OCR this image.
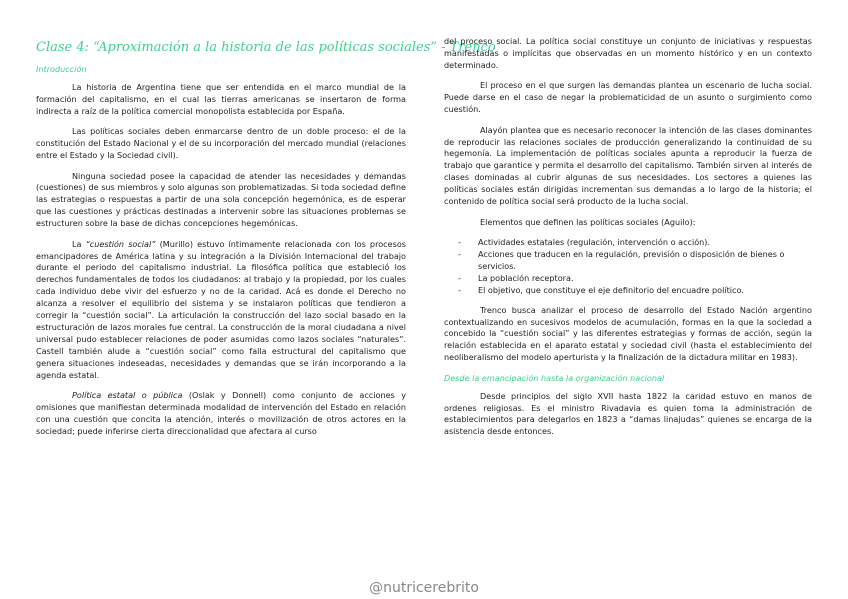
Clase 4: “Aproximación a la historia de las políticas sociales” - Trenco
Introducción

La historia de Argentina tiene que ser entendida en el marco mundial de la formación del capitalismo, en el cual las tierras americanas se insertaron de forma indirecta a raíz de la política comercial monopolista establecida por España.

Las políticas sociales deben enmarcarse dentro de un doble proceso: el de la constitución del Estado Nacional y el de su incorporación del mercado mundial (relaciones entre el Estado y la Sociedad civil).

Ninguna sociedad posee la capacidad de atender las necesidades y demandas (cuestiones) de sus miembros y solo algunas son problematizadas. Si toda sociedad define las estrategias o respuestas a partir de una sola concepción hegemónica, es de esperar que las cuestiones y prácticas destinadas a intervenir sobre las situaciones problemas se estructuren sobre la base de dichas concepciones hegemónicas.

La “cuestión social” (Murillo) estuvo íntimamente relacionada con los procesos emancipadores de América latina y su integración a la División Internacional del trabajo durante el periodo del capitalismo industrial. La filosófica política que estableció los derechos fundamentales de todos los ciudadanos: al trabajo y la propiedad, por los cuales cada individuo debe vivir del esfuerzo y no de la caridad. Acá es donde el Derecho no alcanza a resolver el equilibrio del sistema y se instalaron políticas que tendieron a corregir la “cuestión social”. La articulación la construcción del lazo social basado en la estructuración de lazos morales fue central. La construcción de la moral ciudadana a nivel universal pudo establecer relaciones de poder asumidas como lazos sociales “naturales”. Castell también alude a “cuestión social” como falla estructural del capitalismo que genera situaciones indeseadas, necesidades y demandas que se irán incorporando a la agenda estatal.

Política estatal o pública (Oslak y Donnell) como conjunto de acciones y omisiones que manifiestan determinada modalidad de intervención del Estado en relación con una cuestión que concita la atención, interés o movilización de otros actores en la sociedad; puede inferirse cierta direccionalidad que afectara al curso

del proceso social. La política social constituye un conjunto de iniciativas y respuestas manifestadas o implícitas que observadas en un momento histórico y en un contexto determinado.

El proceso en el que surgen las demandas plantea un escenario de lucha social. Puede darse en el caso de negar la problematicidad de un asunto o surgimiento como cuestión.

Alayón plantea que es necesario reconocer la intención de las clases dominantes de reproducir las relaciones sociales de producción generalizando la continuidad de su hegemonía. La implementación de políticas sociales apunta a reproducir la fuerza de trabajo que garantice y permita el desarrollo del capitalismo. También sirven al interés de clases dominadas al cubrir algunas de sus necesidades. Los sectores a quienes las políticas sociales están dirigidas incrementan sus demandas a lo largo de la historia; el contenido de política social será producto de la lucha social.

Elementos que definen las políticas sociales (Aguilo):

- Actividades estatales (regulación, intervención o acción).
- Acciones que traducen en la regulación, previsión o disposición de bienes o servicios.
- La población receptora.
- El objetivo, que constituye el eje definitorio del encuadre político.

Trenco busca analizar el proceso de desarrollo del Estado Nación argentino contextualizando en sucesivos modelos de acumulación, formas en la que la sociedad a concebido la “cuestión social” y las diferentes estrategias y formas de acción, según la relación establecida en el aparato estatal y sociedad civil (hasta el establecimiento del neoliberalismo del modelo aperturista y la finalización de la dictadura militar en 1983).

Desde la emancipación hasta la organización nacional

Desde principios del siglo XVII hasta 1822 la caridad estuvo en manos de ordenes religiosas. Es el ministro Rivadavia es quien toma la administración de establecimientos para delegarlos en 1823 a “damas linajudas” quienes se encarga de la asistencia desde entonces.

@nutricerebrito
